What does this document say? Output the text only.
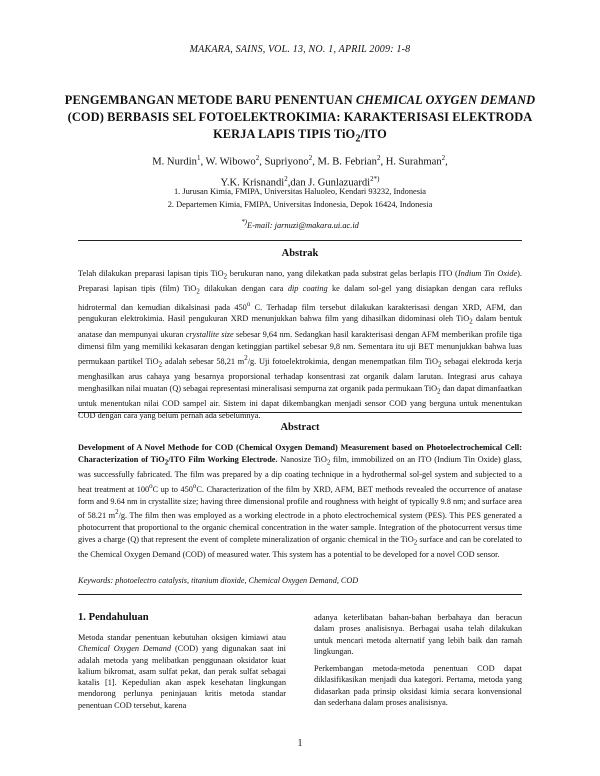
MAKARA, SAINS, VOL. 13, NO. 1, APRIL 2009: 1-8
PENGEMBANGAN METODE BARU PENENTUAN CHEMICAL OXYGEN DEMAND (COD) BERBASIS SEL FOTOELEKTROKIMIA: KARAKTERISASI ELEKTRODA KERJA LAPIS TIPIS TiO$_2$/ITO
M. Nurdin$^1$, W. Wibowo$^2$, Supriyono$^2$, M. B. Febrian$^2$, H. Surahman$^2$,
Y.K. Krisnandi$^2$,dan J. Gunlazuardi$^{2*)}$
1. Jurusan Kimia, FMIPA, Universitas Haluoleo, Kendari 93232, Indonesia
2. Departemen Kimia, FMIPA, Universitas Indonesia, Depok 16424, Indonesia
*)E-mail: jarnuzi@makara.ui.ac.id
Abstrak
Telah dilakukan preparasi lapisan tipis TiO$_2$ berukuran nano, yang dilekatkan pada substrat gelas berlapis ITO (Indium Tin Oxide). Preparasi lapisan tipis (film) TiO$_2$ dilakukan dengan cara dip coating ke dalam sol-gel yang disiapkan dengan cara refluks hidrotermal dan kemudian dikalsinasi pada 450$^o$ C. Terhadap film tersebut dilakukan karakterisasi dengan XRD, AFM, dan pengukuran elektrokimia. Hasil pengukuran XRD menunjukkan bahwa film yang dihasilkan didominasi oleh TiO$_2$ dalam bentuk anatase dan mempunyai ukuran crystallite size sebesar 9,64 nm. Sedangkan hasil karakterisasi dengan AFM memberikan profile tiga dimensi film yang memiliki kekasaran dengan ketinggian partikel sebesar 9,8 nm. Sementara itu uji BET menunjukkan bahwa luas permukaan partikel TiO$_2$ adalah sebesar 58,21 $m^2/g$. Uji fotoelektrokimia, dengan menempatkan film TiO$_2$ sebagai elektroda kerja menghasilkan arus cahaya yang besarnya proporsional terhadap konsentrasi zat organik dalam larutan. Integrasi arus cahaya menghasilkan nilai muatan (Q) sebagai representasi mineralisasi sempurna zat organik pada permukaan TiO$_2$ dan dapat dimanfaatkan untuk menentukan nilai COD sampel air. Sistem ini dapat dikembangkan menjadi sensor COD yang berguna untuk menentukan COD dengan cara yang belum pernah ada sebelumnya.
Abstract
Development of A Novel Methode for COD (Chemical Oxygen Demand) Measurement based on Photoelectrochemical Cell: Characterization of TiO$_2$/ITO Film Working Electrode. Nanosize TiO$_2$ film, immobilized on an ITO (Indium Tin Oxide) glass, was successfully fabricated. The film was prepared by a dip coating technique in a hydrothermal sol-gel system and subjected to a heat treatment at 100$^o$C up to 450$^o$C. Characterization of the film by XRD, AFM, BET methods revealed the occurrence of anatase form and 9.64 nm in crystallite size; having three dimensional profile and roughness with height of typically 9.8 nm; and surface area of 58.21 $m^2/g$. The film then was employed as a working electrode in a photo electrochemical system (PES). This PES generated a photocurrent that proportional to the organic chemical concentration in the water sample. Integration of the photocurrent versus time gives a charge (Q) that represent the event of complete mineralization of organic chemical in the TiO$_2$ surface and can be corelated to the Chemical Oxygen Demand (COD) of measured water. This system has a potential to be developed for a novel COD sensor.
Keywords: photoelectro catalysis, titanium dioxide, Chemical Oxygen Demand, COD
1. Pendahuluan

Metoda standar penentuan kebutuhan oksigen kimiawi atau Chemical Oxygen Demand (COD) yang digunakan saat ini adalah metoda yang melibatkan penggunaan oksidator kuat kalium bikromat, asam sulfat pekat, dan perak sulfat sebagai katalis [1]. Kepedulian akan aspek kesehatan lingkungan mendorong perlunya peninjauan kritis metoda standar penentuan COD tersebut, karena

adanya keterlibatan bahan-bahan berbahaya dan beracun dalam proses analisisnya. Berbagai usaha telah dilakukan untuk mencari metoda alternatif yang lebih baik dan ramah lingkungan.

Perkembangan metoda-metoda penentuan COD dapat diklasifikasikan menjadi dua kategori. Pertama, metoda yang didasarkan pada prinsip oksidasi kimia secara konvensional dan sederhana dalam proses analisisnya.

1
